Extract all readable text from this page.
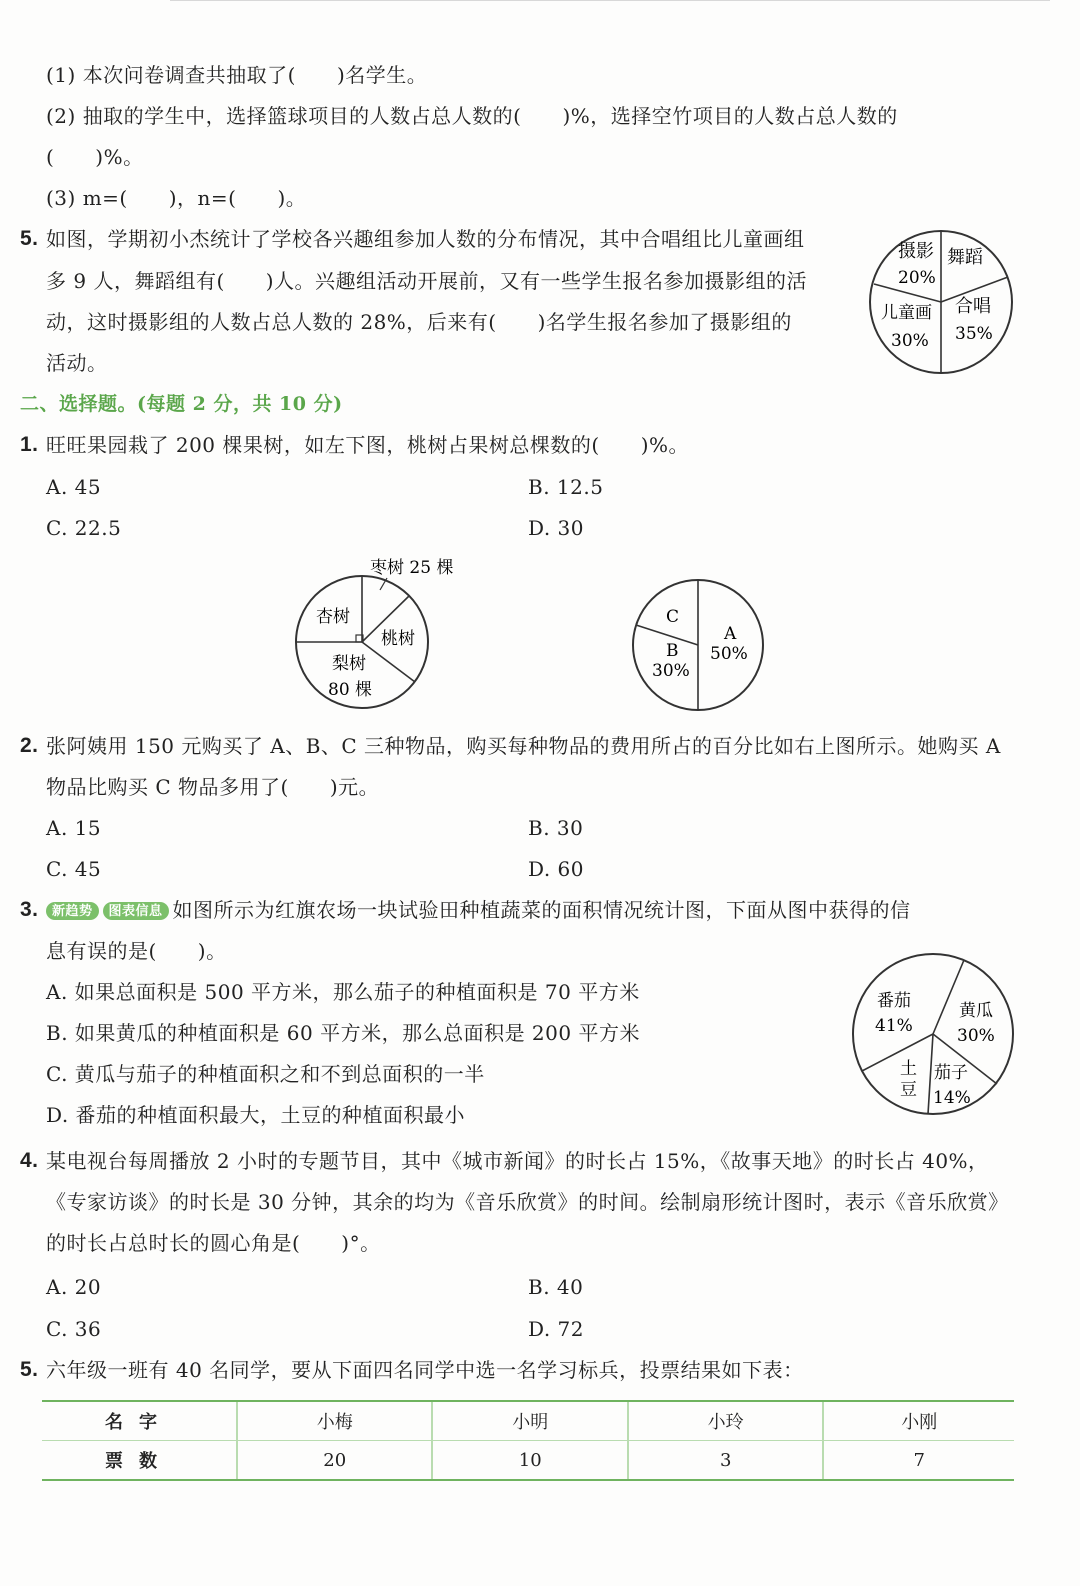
(1) 本次问卷调查共抽取了(　　)名学生。
(2) 抽取的学生中，选择篮球项目的人数占总人数的(　　)%，选择空竹项目的人数占总人数的
(　　)%。
(3) m=(　　)，n=(　　)。
5. 如图，学期初小杰统计了学校各兴趣组参加人数的分布情况，其中合唱组比儿童画组
多 9 人，舞蹈组有(　　)人。兴趣组活动开展前，又有一些学生报名参加摄影组的活
动，这时摄影组的人数占总人数的 28%，后来有(　　)名学生报名参加了摄影组的
活动。
摄影
20%
舞蹈
儿童画
30%
合唱
35%
二、选择题。(每题 2 分，共 10 分)
1. 旺旺果园栽了 200 棵果树，如左下图，桃树占果树总棵数的(　　)%。
A. 45	B. 12.5
C. 22.5	D. 30
枣树 25 棵
杏树
桃树
梨树
80 棵
C
A
50%
B
30%
2. 张阿姨用 150 元购买了 A、B、C 三种物品，购买每种物品的费用所占的百分比如右上图所示。她购买 A
物品比购买 C 物品多用了(　　)元。
A. 15	B. 30
C. 45	D. 60
3.	新趋势 图表信息 如图所示为红旗农场一块试验田种植蔬菜的面积情况统计图，下面从图中获得的信
息有误的是(　　)。
A. 如果总面积是 500 平方米，那么茄子的种植面积是 70 平方米
B. 如果黄瓜的种植面积是 60 平方米，那么总面积是 200 平方米
C. 黄瓜与茄子的种植面积之和不到总面积的一半
D. 番茄的种植面积最大，土豆的种植面积最小
番茄
41%
黄瓜
30%
土
豆
茄子
14%
4. 某电视台每周播放 2 小时的专题节目，其中《城市新闻》的时长占 15%，《故事天地》的时长占 40%，
《专家访谈》的时长是 30 分钟，其余的均为《音乐欣赏》的时间。绘制扇形统计图时，表示《音乐欣赏》
的时长占总时长的圆心角是(　　)°。
A. 20	B. 40
C. 36	D. 72
5. 六年级一班有 40 名同学，要从下面四名同学中选一名学习标兵，投票结果如下表：
名字	小梅	小明	小玲	小刚
票数	20	10	3	7
